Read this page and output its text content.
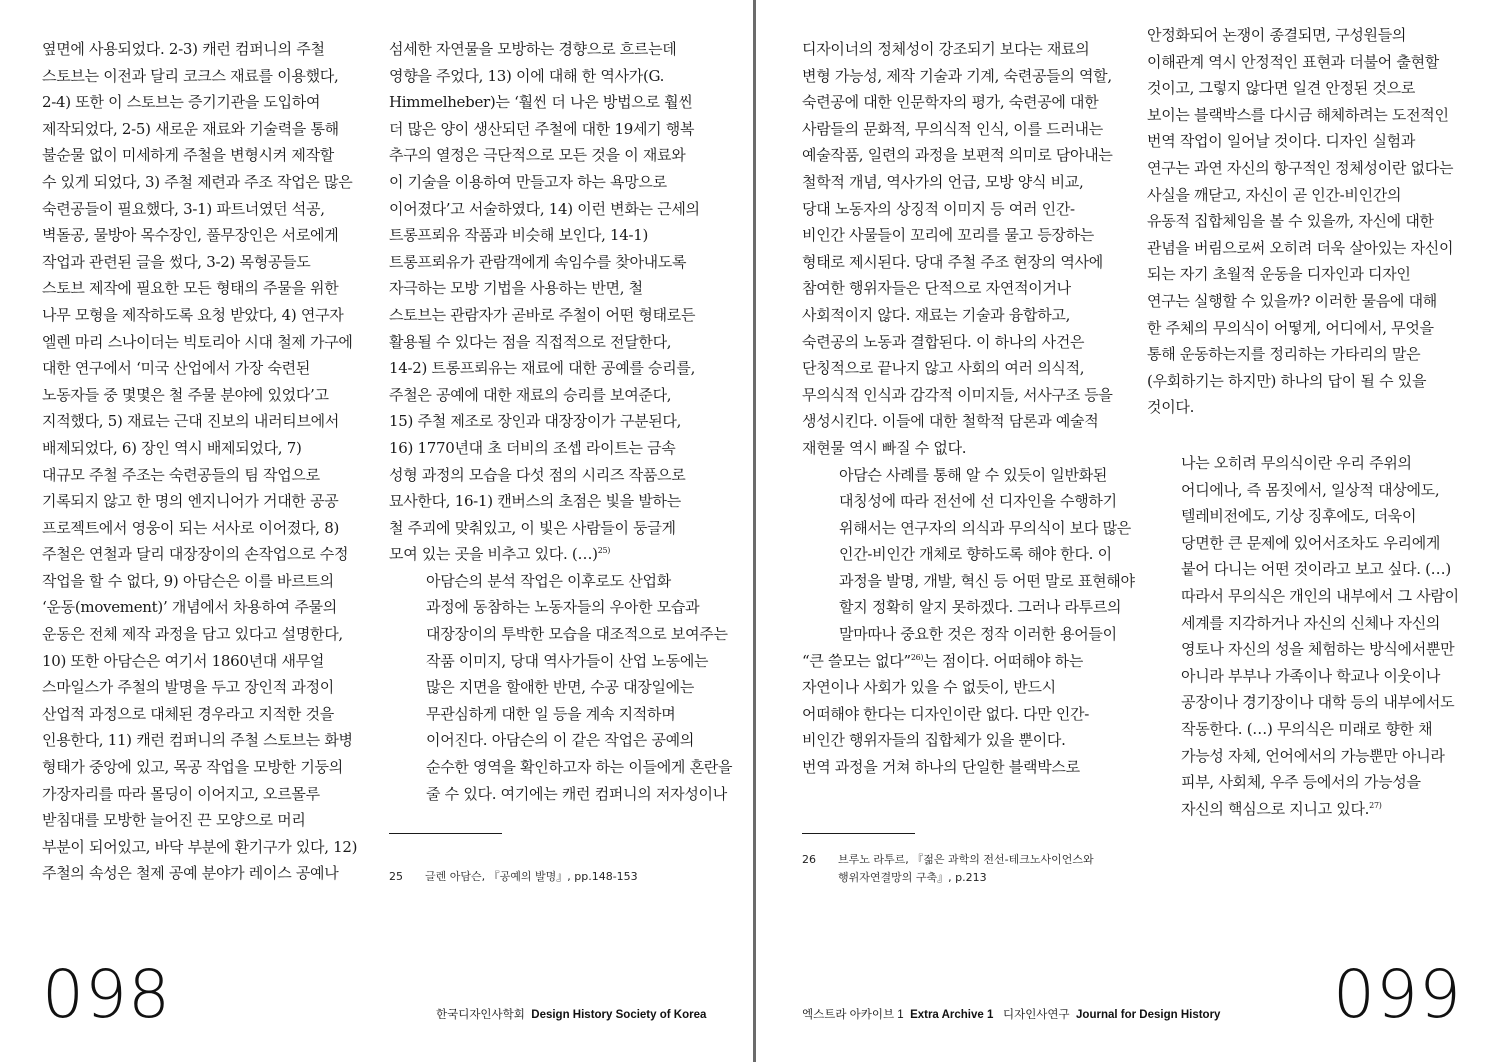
옆면에 사용되었다. 2-3) 캐런 컴퍼니의 주철
스토브는 이전과 달리 코크스 재료를 이용했다,
2-4) 또한 이 스토브는 증기기관을 도입하여
제작되었다, 2-5) 새로운 재료와 기술력을 통해
불순물 없이 미세하게 주철을 변형시켜 제작할
수 있게 되었다, 3) 주철 제련과 주조 작업은 많은
숙련공들이 필요했다, 3-1) 파트너였던 석공,
벽돌공, 물방아 목수장인, 풀무장인은 서로에게
작업과 관련된 글을 썼다, 3-2) 목형공들도
스토브 제작에 필요한 모든 형태의 주물을 위한
나무 모형을 제작하도록 요청 받았다, 4) 연구자
엘렌 마리 스나이더는 빅토리아 시대 철제 가구에
대한 연구에서 ‘미국 산업에서 가장 숙련된
노동자들 중 몇몇은 철 주물 분야에 있었다’고
지적했다, 5) 재료는 근대 진보의 내러티브에서
배제되었다, 6) 장인 역시 배제되었다, 7)
대규모 주철 주조는 숙련공들의 팀 작업으로
기록되지 않고 한 명의 엔지니어가 거대한 공공
프로젝트에서 영웅이 되는 서사로 이어졌다, 8)
주철은 연철과 달리 대장장이의 손작업으로 수정
작업을 할 수 없다, 9) 아담슨은 이를 바르트의
‘운동(movement)’ 개념에서 차용하여 주물의
운동은 전체 제작 과정을 담고 있다고 설명한다,
10) 또한 아담슨은 여기서 1860년대 새무얼
스마일스가 주철의 발명을 두고 장인적 과정이
산업적 과정으로 대체된 경우라고 지적한 것을
인용한다, 11) 캐런 컴퍼니의 주철 스토브는 화병
형태가 중앙에 있고, 목공 작업을 모방한 기둥의
가장자리를 따라 몰딩이 이어지고, 오르몰루
받침대를 모방한 늘어진 끈 모양으로 머리
부분이 되어있고, 바닥 부분에 환기구가 있다, 12)
주철의 속성은 철제 공예 분야가 레이스 공예나
섬세한 자연물을 모방하는 경향으로 흐르는데
영향을 주었다, 13) 이에 대해 한 역사가(G.
Himmelheber)는 ‘훨씬 더 나은 방법으로 훨씬
더 많은 양이 생산되던 주철에 대한 19세기 행복
추구의 열정은 극단적으로 모든 것을 이 재료와
이 기술을 이용하여 만들고자 하는 욕망으로
이어졌다’고 서술하였다, 14) 이런 변화는 근세의
트롱프뢰유 작품과 비슷해 보인다, 14-1)
트롱프뢰유가 관람객에게 속임수를 찾아내도록
자극하는 모방 기법을 사용하는 반면, 철
스토브는 관람자가 곧바로 주철이 어떤 형태로든
활용될 수 있다는 점을 직접적으로 전달한다,
14-2) 트롱프뢰유는 재료에 대한 공예를 승리를,
주철은 공예에 대한 재료의 승리를 보여준다,
15) 주철 제조로 장인과 대장장이가 구분된다,
16) 1770년대 초 더비의 조셉 라이트는 금속
성형 과정의 모습을 다섯 점의 시리즈 작품으로
묘사한다, 16-1) 캔버스의 초점은 빛을 발하는
철 주괴에 맞춰있고, 이 빛은 사람들이 둥글게
모여 있는 곳을 비추고 있다. (…)$^{25)}$
아담슨의 분석 작업은 이후로도 산업화
과정에 동참하는 노동자들의 우아한 모습과
대장장이의 투박한 모습을 대조적으로 보여주는
작품 이미지, 당대 역사가들이 산업 노동에는
많은 지면을 할애한 반면, 수공 대장일에는
무관심하게 대한 일 등을 계속 지적하며
이어진다. 아담슨의 이 같은 작업은 공예의
순수한 영역을 확인하고자 하는 이들에게 혼란을
줄 수 있다. 여기에는 캐런 컴퍼니의 저자성이나
25 글렌 아담슨, 『공예의 발명』, pp.148-153
098	한국디자인사학회 Design History Society of Korea
디자이너의 정체성이 강조되기 보다는 재료의
변형 가능성, 제작 기술과 기계, 숙련공들의 역할,
숙련공에 대한 인문학자의 평가, 숙련공에 대한
사람들의 문화적, 무의식적 인식, 이를 드러내는
예술작품, 일련의 과정을 보편적 의미로 담아내는
철학적 개념, 역사가의 언급, 모방 양식 비교,
당대 노동자의 상징적 이미지 등 여러 인간-
비인간 사물들이 꼬리에 꼬리를 물고 등장하는
형태로 제시된다. 당대 주철 주조 현장의 역사에
참여한 행위자들은 단적으로 자연적이거나
사회적이지 않다. 재료는 기술과 융합하고,
숙련공의 노동과 결합된다. 이 하나의 사건은
단칭적으로 끝나지 않고 사회의 여러 의식적,
무의식적 인식과 감각적 이미지들, 서사구조 등을
생성시킨다. 이들에 대한 철학적 담론과 예술적
재현물 역시 빠질 수 없다.
아담슨 사례를 통해 알 수 있듯이 일반화된
대칭성에 따라 전선에 선 디자인을 수행하기
위해서는 연구자의 의식과 무의식이 보다 많은
인간-비인간 개체로 향하도록 해야 한다. 이
과정을 발명, 개발, 혁신 등 어떤 말로 표현해야
할지 정확히 알지 못하겠다. 그러나 라투르의
말마따나 중요한 것은 정작 이러한 용어들이
“큰 쓸모는 없다”$^{26)}$는 점이다. 어떠해야 하는
자연이나 사회가 있을 수 없듯이, 반드시
어떠해야 한다는 디자인이란 없다. 다만 인간-
비인간 행위자들의 집합체가 있을 뿐이다.
번역 과정을 거쳐 하나의 단일한 블랙박스로
안정화되어 논쟁이 종결되면, 구성원들의
이해관계 역시 안정적인 표현과 더불어 출현할
것이고, 그렇지 않다면 일견 안정된 것으로
보이는 블랙박스를 다시금 해체하려는 도전적인
번역 작업이 일어날 것이다. 디자인 실험과
연구는 과연 자신의 항구적인 정체성이란 없다는
사실을 깨닫고, 자신이 곧 인간-비인간의
유동적 집합체임을 볼 수 있을까, 자신에 대한
관념을 버림으로써 오히려 더욱 살아있는 자신이
되는 자기 초월적 운동을 디자인과 디자인
연구는 실행할 수 있을까? 이러한 물음에 대해
한 주체의 무의식이 어떻게, 어디에서, 무엇을
통해 운동하는지를 정리하는 가타리의 말은
(우회하기는 하지만) 하나의 답이 될 수 있을
것이다.
나는 오히려 무의식이란 우리 주위의
어디에나, 즉 몸짓에서, 일상적 대상에도,
텔레비전에도, 기상 징후에도, 더욱이
당면한 큰 문제에 있어서조차도 우리에게
붙어 다니는 어떤 것이라고 보고 싶다. (…)
따라서 무의식은 개인의 내부에서 그 사람이
세계를 지각하거나 자신의 신체나 자신의
영토나 자신의 성을 체험하는 방식에서뿐만
아니라 부부나 가족이나 학교나 이웃이나
공장이나 경기장이나 대학 등의 내부에서도
작동한다. (…) 무의식은 미래로 향한 채
가능성 자체, 언어에서의 가능뿐만 아니라
피부, 사회체, 우주 등에서의 가능성을
자신의 핵심으로 지니고 있다.$^{27)}$
26 브루노 라투르, 『젊은 과학의 전선-테크노사이언스와
행위자연결망의 구축』, p.213
엑스트라 아카이브 1 Extra Archive 1 디자인사연구 Journal for Design History 099
